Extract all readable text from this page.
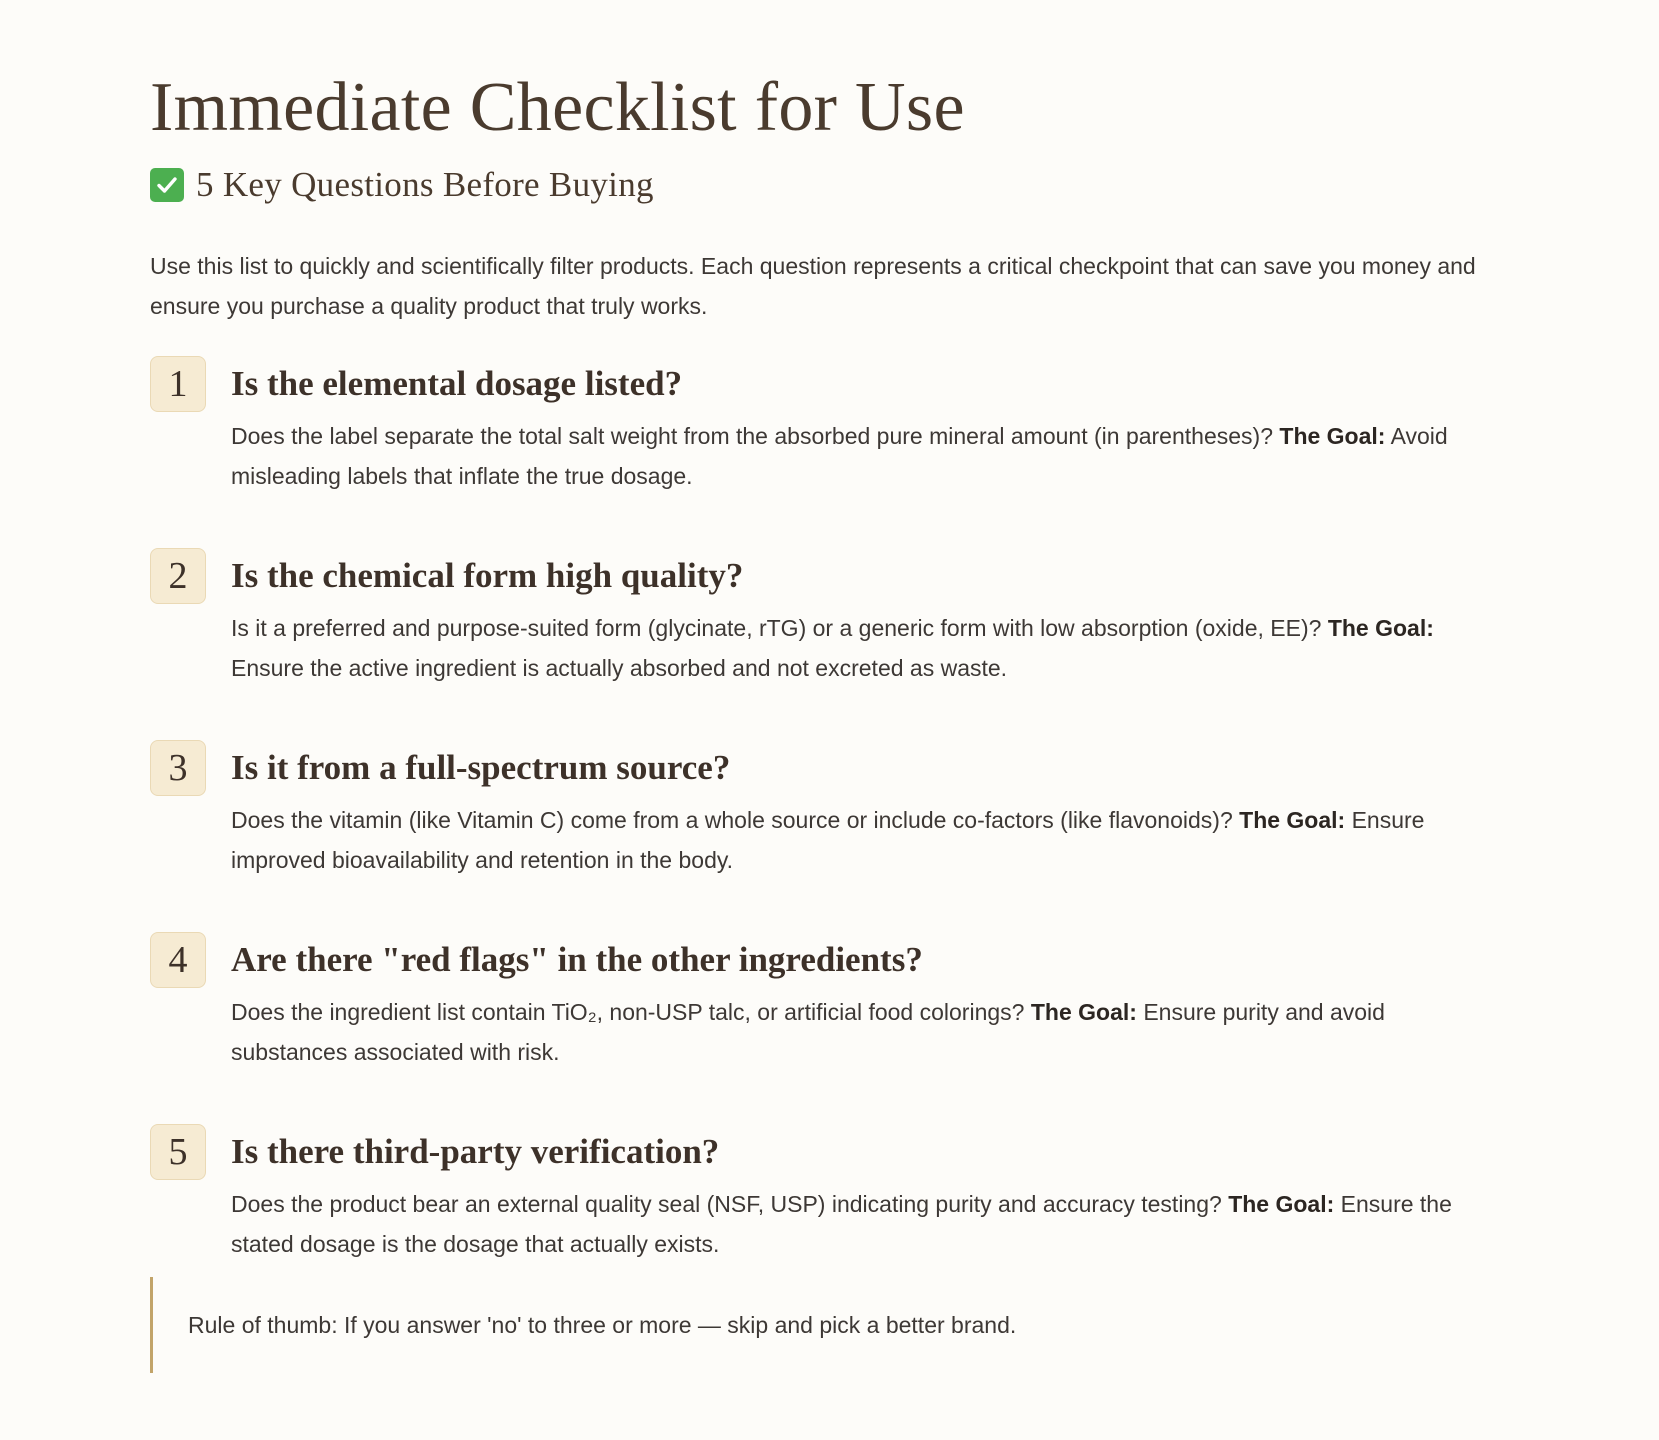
Immediate Checklist for Use
5 Key Questions Before Buying

Use this list to quickly and scientifically filter products. Each question represents a critical checkpoint that can save you money and ensure you purchase a quality product that truly works.

1	Is the elemental dosage listed?

Does the label separate the total salt weight from the absorbed pure mineral amount (in parentheses)? The Goal: Avoid misleading labels that inflate the true dosage.

2	Is the chemical form high quality?

Is it a preferred and purpose-suited form (glycinate, rTG) or a generic form with low absorption (oxide, EE)? The Goal: Ensure the active ingredient is actually absorbed and not excreted as waste.

3	Is it from a full-spectrum source?

Does the vitamin (like Vitamin C) come from a whole source or include co-factors (like flavonoids)? The Goal: Ensure improved bioavailability and retention in the body.

4	Are there "red flags" in the other ingredients?

Does the ingredient list contain TiO₂, non-USP talc, or artificial food colorings? The Goal: Ensure purity and avoid substances associated with risk.

5	Is there third-party verification?

Does the product bear an external quality seal (NSF, USP) indicating purity and accuracy testing? The Goal: Ensure the stated dosage is the dosage that actually exists.

Rule of thumb: If you answer 'no' to three or more — skip and pick a better brand.
